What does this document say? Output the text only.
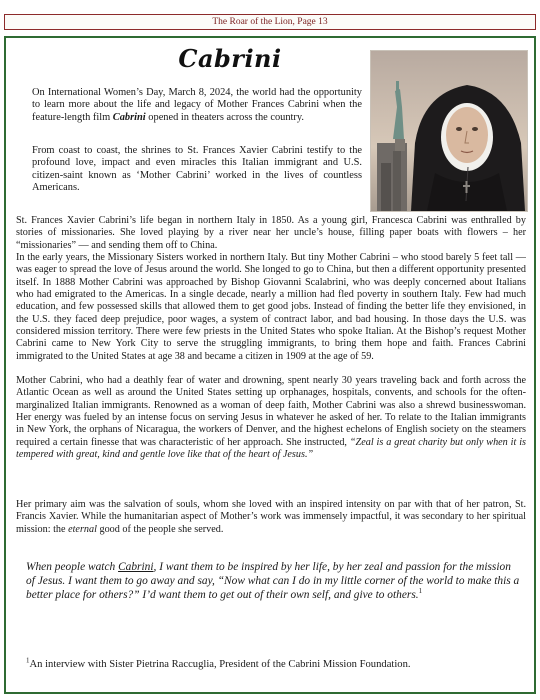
The Roar of the Lion, Page 13
Cabrini

On International Women’s Day, March 8, 2024, the world had the opportunity to learn more about the life and legacy of Mother Frances Cabrini when the feature-length film Cabrini opened in theaters across the country.

From coast to coast, the shrines to St. Frances Xavier Cabrini testify to the profound love, impact and even miracles this Italian immigrant and U.S. citizen-saint known as ‘Mother Cabrini’ worked in the lives of countless Americans.

St. Frances Xavier Cabrini’s life began in northern Italy in 1850. As a young girl, Francesca Cabrini was enthralled by stories of missionaries. She loved playing by a river near her uncle’s house, filling paper boats with flowers – her “missionaries” — and sending them off to China.

In the early years, the Missionary Sisters worked in northern Italy. But tiny Mother Cabrini – who stood barely 5 feet tall — was eager to spread the love of Jesus around the world. She longed to go to China, but then a different opportunity presented itself. In 1888 Mother Cabrini was approached by Bishop Giovanni Scalabrini, who was deeply concerned about Italians who had emigrated to the Americas. In a single decade, nearly a million had fled poverty in southern Italy. Few had much education, and few possessed skills that allowed them to get good jobs. Instead of finding the better life they envisioned, in the U.S. they faced deep prejudice, poor wages, a system of contract labor, and bad housing. In those days the U.S. was considered mission territory. There were few priests in the United States who spoke Italian. At the Bishop’s request Mother Cabrini came to New York City to serve the struggling immigrants, to bring them hope and faith. Frances Cabrini immigrated to the United States at age 38 and became a citizen in 1909 at the age of 59.

Mother Cabrini, who had a deathly fear of water and drowning, spent nearly 30 years traveling back and forth across the Atlantic Ocean as well as around the United States setting up orphanages, hospitals, convents, and schools for the often-marginalized Italian immigrants. Renowned as a woman of deep faith, Mother Cabrini was also a shrewd businesswoman. Her energy was fueled by an intense focus on serving Jesus in whatever he asked of her. To relate to the Italian immigrants in New York, the orphans of Nicaragua, the workers of Denver, and the highest echelons of English society on the steamers required a certain finesse that was characteristic of her approach. She instructed, “Zeal is a great charity but only when it is tempered with great, kind and gentle love like that of the heart of Jesus.”

Her primary aim was the salvation of souls, whom she loved with an inspired intensity on par with that of her patron, St. Francis Xavier. While the humanitarian aspect of Mother’s work was immensely impactful, it was secondary to her spiritual mission: the eternal good of the people she served.

When people watch Cabrini, I want them to be inspired by her life, by her zeal and passion for the mission of Jesus. I want them to go away and say, “Now what can I do in my little corner of the world to make this a better place for others?” I’d want them to get out of their own self, and give to others.$^1$

$^1$An interview with Sister Pietrina Raccuglia, President of the Cabrini Mission Foundation.
